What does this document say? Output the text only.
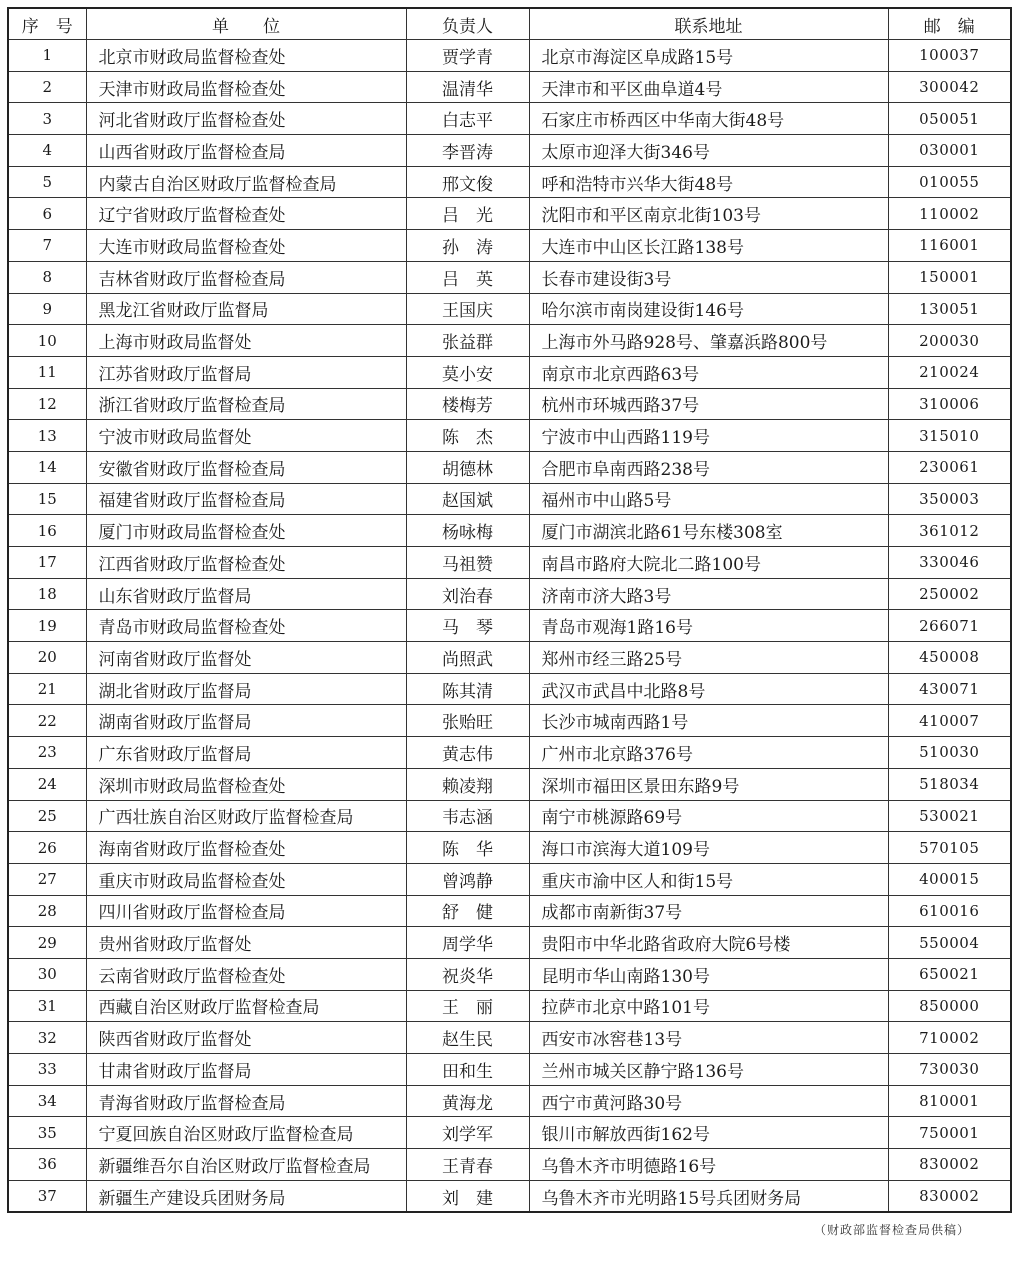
序　号	单　　位	负责人	联系地址	邮　编
1	北京市财政局监督检查处	贾学青	北京市海淀区阜成路15号	100037
2	天津市财政局监督检查处	温清华	天津市和平区曲阜道4号	300042
3	河北省财政厅监督检查处	白志平	石家庄市桥西区中华南大街48号	050051
4	山西省财政厅监督检查局	李晋涛	太原市迎泽大街346号	030001
5	内蒙古自治区财政厅监督检查局	邢文俊	呼和浩特市兴华大街48号	010055
6	辽宁省财政厅监督检查处	吕　光	沈阳市和平区南京北街103号	110002
7	大连市财政局监督检查处	孙　涛	大连市中山区长江路138号	116001
8	吉林省财政厅监督检查局	吕　英	长春市建设街3号	150001
9	黑龙江省财政厅监督局	王国庆	哈尔滨市南岗建设街146号	130051
10	上海市财政局监督处	张益群	上海市外马路928号、肇嘉浜路800号	200030
11	江苏省财政厅监督局	莫小安	南京市北京西路63号	210024
12	浙江省财政厅监督检查局	楼梅芳	杭州市环城西路37号	310006
13	宁波市财政局监督处	陈　杰	宁波市中山西路119号	315010
14	安徽省财政厅监督检查局	胡德林	合肥市阜南西路238号	230061
15	福建省财政厅监督检查局	赵国斌	福州市中山路5号	350003
16	厦门市财政局监督检查处	杨咏梅	厦门市湖滨北路61号东楼308室	361012
17	江西省财政厅监督检查处	马祖赞	南昌市路府大院北二路100号	330046
18	山东省财政厅监督局	刘治春	济南市济大路3号	250002
19	青岛市财政局监督检查处	马　琴	青岛市观海1路16号	266071
20	河南省财政厅监督处	尚照武	郑州市经三路25号	450008
21	湖北省财政厅监督局	陈其清	武汉市武昌中北路8号	430071
22	湖南省财政厅监督局	张贻旺	长沙市城南西路1号	410007
23	广东省财政厅监督局	黄志伟	广州市北京路376号	510030
24	深圳市财政局监督检查处	赖凌翔	深圳市福田区景田东路9号	518034
25	广西壮族自治区财政厅监督检查局	韦志涵	南宁市桃源路69号	530021
26	海南省财政厅监督检查处	陈　华	海口市滨海大道109号	570105
27	重庆市财政局监督检查处	曾鸿静	重庆市渝中区人和街15号	400015
28	四川省财政厅监督检查局	舒　健	成都市南新街37号	610016
29	贵州省财政厅监督处	周学华	贵阳市中华北路省政府大院6号楼	550004
30	云南省财政厅监督检查处	祝炎华	昆明市华山南路130号	650021
31	西藏自治区财政厅监督检查局	王　丽	拉萨市北京中路101号	850000
32	陕西省财政厅监督处	赵生民	西安市冰窖巷13号	710002
33	甘肃省财政厅监督局	田和生	兰州市城关区静宁路136号	730030
34	青海省财政厅监督检查局	黄海龙	西宁市黄河路30号	810001
35	宁夏回族自治区财政厅监督检查局	刘学军	银川市解放西街162号	750001
36	新疆维吾尔自治区财政厅监督检查局	王青春	乌鲁木齐市明德路16号	830002
37	新疆生产建设兵团财务局	刘　建	乌鲁木齐市光明路15号兵团财务局	830002
（财政部监督检查局供稿）
